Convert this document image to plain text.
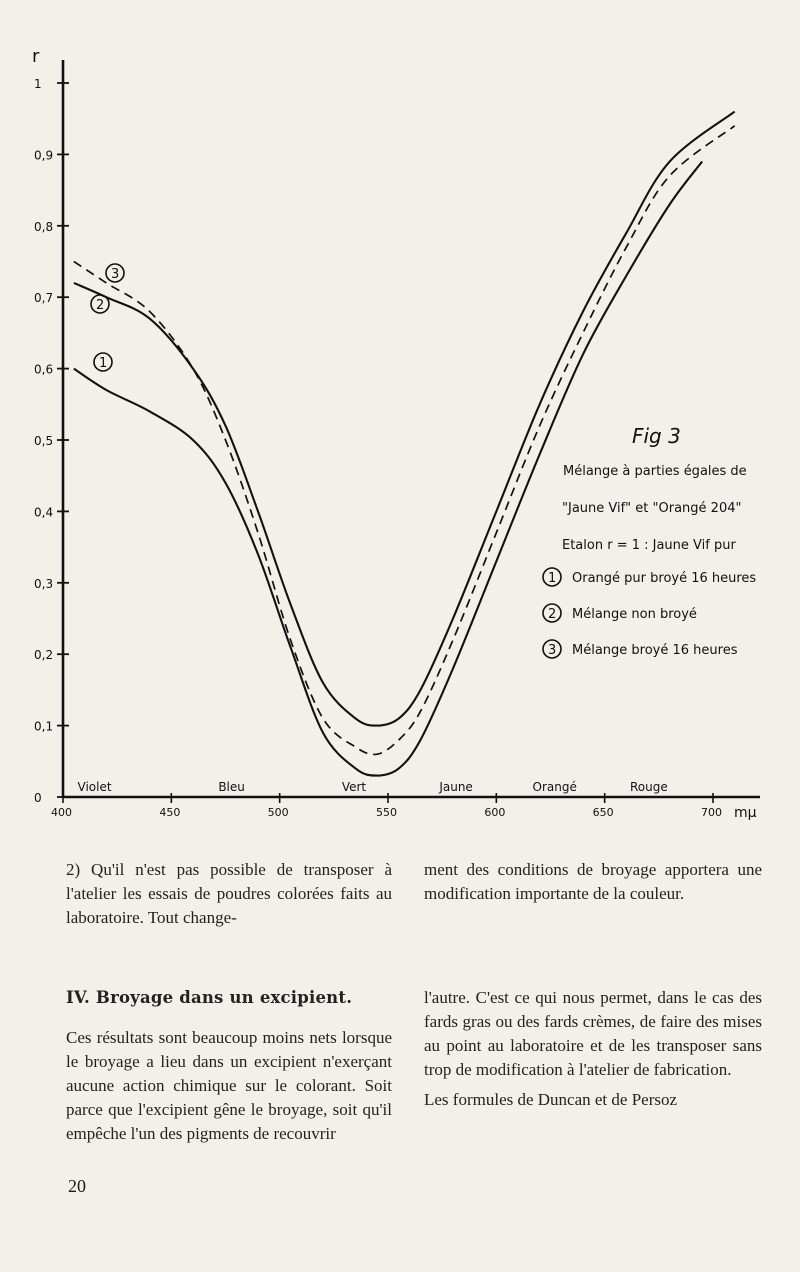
r
mμ
0
0,1
0,2
0,3
0,4
0,5
0,6
0,7
0,8
0,9
1
400	450	500	550	600	650	700
Violet	Bleu	Vert	Jaune	Orangé	Rouge
1
2
3
Fig 3
Mélange à parties égales de
"Jaune Vif" et "Orangé 204"
Etalon r = 1 : Jaune Vif pur
1 Orangé pur broyé 16 heures
2 Mélange non broyé
3 Mélange broyé 16 heures

2) Qu'il n'est pas possible de transposer à l'atelier les essais de poudres colorées faits au laboratoire. Tout change-

IV. Broyage dans un excipient.

Ces résultats sont beaucoup moins nets lorsque le broyage a lieu dans un excipient n'exerçant aucune action chimique sur le colorant. Soit parce que l'excipient gêne le broyage, soit qu'il empêche l'un des pigments de recouvrir

ment des conditions de broyage apportera une modification importante de la couleur.

l'autre. C'est ce qui nous permet, dans le cas des fards gras ou des fards crèmes, de faire des mises au point au laboratoire et de les transposer sans trop de modification à l'atelier de fabrication.

Les formules de Duncan et de Persoz

20
